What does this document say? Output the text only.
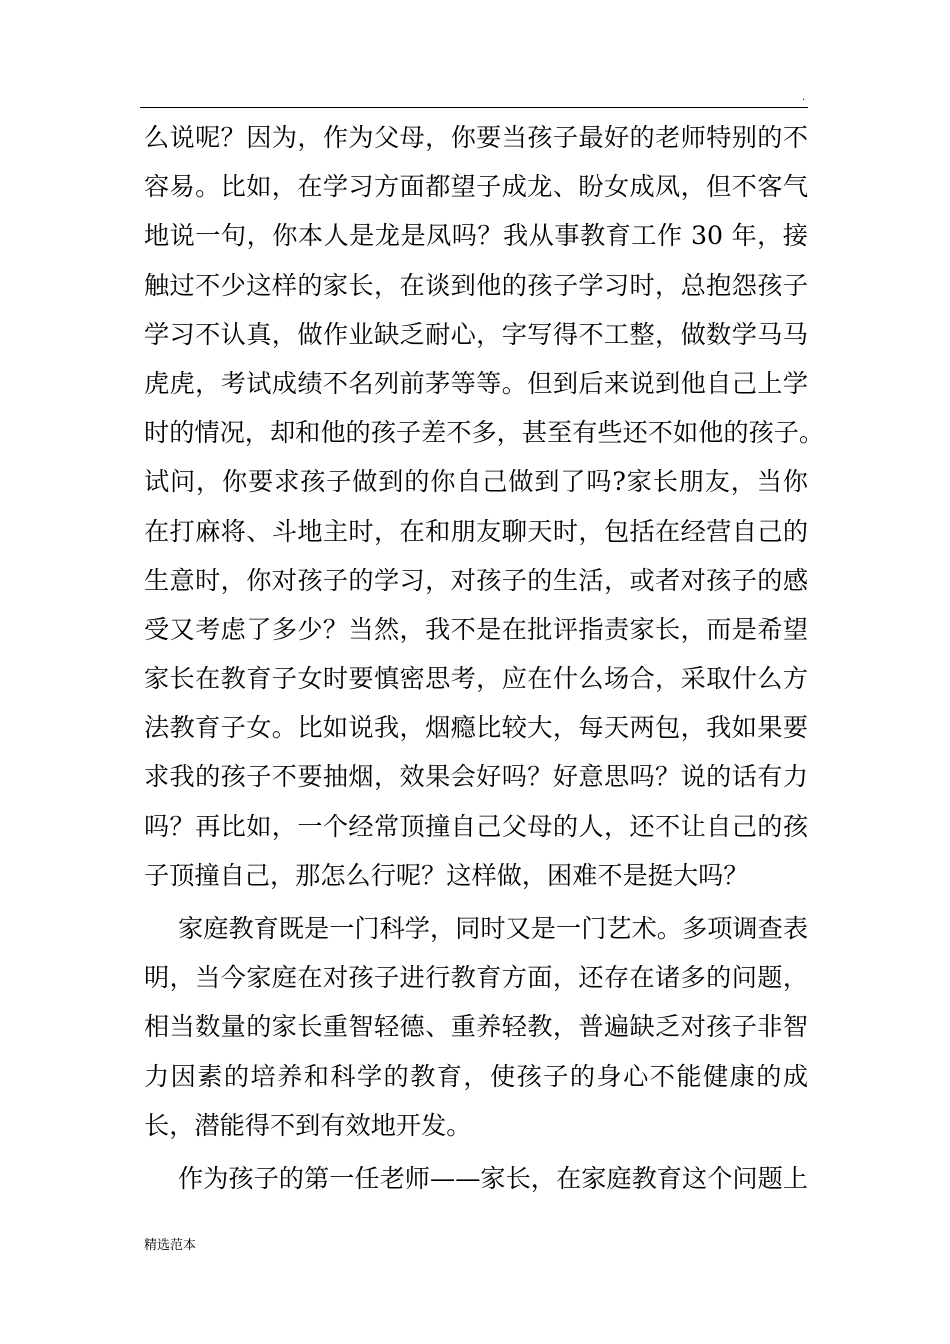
.
么说呢？因为，作为父母，你要当孩子最好的老师特别的不
容易。比如，在学习方面都望子成龙、盼女成凤，但不客气
地说一句，你本人是龙是凤吗？我从事教育工作 30 年，接
触过不少这样的家长，在谈到他的孩子学习时，总抱怨孩子
学习不认真，做作业缺乏耐心，字写得不工整，做数学马马
虎虎，考试成绩不名列前茅等等。但到后来说到他自己上学
时的情况，却和他的孩子差不多，甚至有些还不如他的孩子。
试问，你要求孩子做到的你自己做到了吗?家长朋友，当你
在打麻将、斗地主时，在和朋友聊天时，包括在经营自己的
生意时，你对孩子的学习，对孩子的生活，或者对孩子的感
受又考虑了多少？当然，我不是在批评指责家长，而是希望
家长在教育子女时要慎密思考，应在什么场合，采取什么方
法教育子女。比如说我，烟瘾比较大，每天两包，我如果要
求我的孩子不要抽烟，效果会好吗？好意思吗？说的话有力
吗？再比如，一个经常顶撞自己父母的人，还不让自己的孩
子顶撞自己，那怎么行呢？这样做，困难不是挺大吗？
家庭教育既是一门科学，同时又是一门艺术。多项调查表
明，当今家庭在对孩子进行教育方面，还存在诸多的问题，
相当数量的家长重智轻德、重养轻教，普遍缺乏对孩子非智
力因素的培养和科学的教育，使孩子的身心不能健康的成
长，潜能得不到有效地开发。
作为孩子的第一任老师——家长，在家庭教育这个问题上
精选范本
